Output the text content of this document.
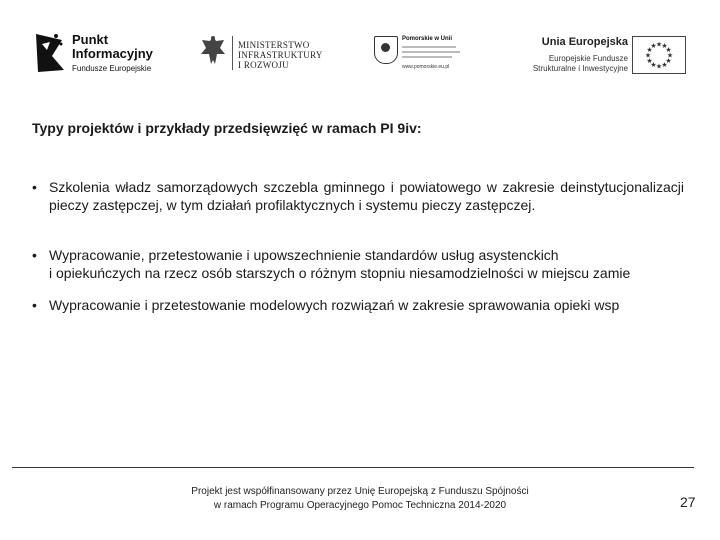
Punkt
Informacyjny
Fundusze Europejskie
MINISTERSTWO
INFRASTRUKTURY
I ROZWOJU
Pomorskie w Unii
www.pomorskie.eu.pl
Unia Europejska
Europejskie Fundusze
Strukturalne i Inwestycyjne
★
★
★
★
★
★
★
★
★ ★ ★
★
Typy projektów i przykłady przedsięwzięć w ramach PI 9iv:
• Szkolenia władz samorządowych szczebla gminnego i powiatowego w zakresie deinstytucjonalizacji pieczy zastępczej, w tym działań profilaktycznych i systemu pieczy zastępczej.
• Wypracowanie, przetestowanie i upowszechnienie standardów usług asystenckich
i opiekuńczych na rzecz osób starszych o różnym stopniu niesamodzielności w miejscu zamie
• Wypracowanie i przetestowanie modelowych rozwiązań w zakresie sprawowania opieki wsp
Projekt jest współfinansowany przez Unię Europejską z Funduszu Spójności
w ramach Programu Operacyjnego Pomoc Techniczna 2014-2020	27
